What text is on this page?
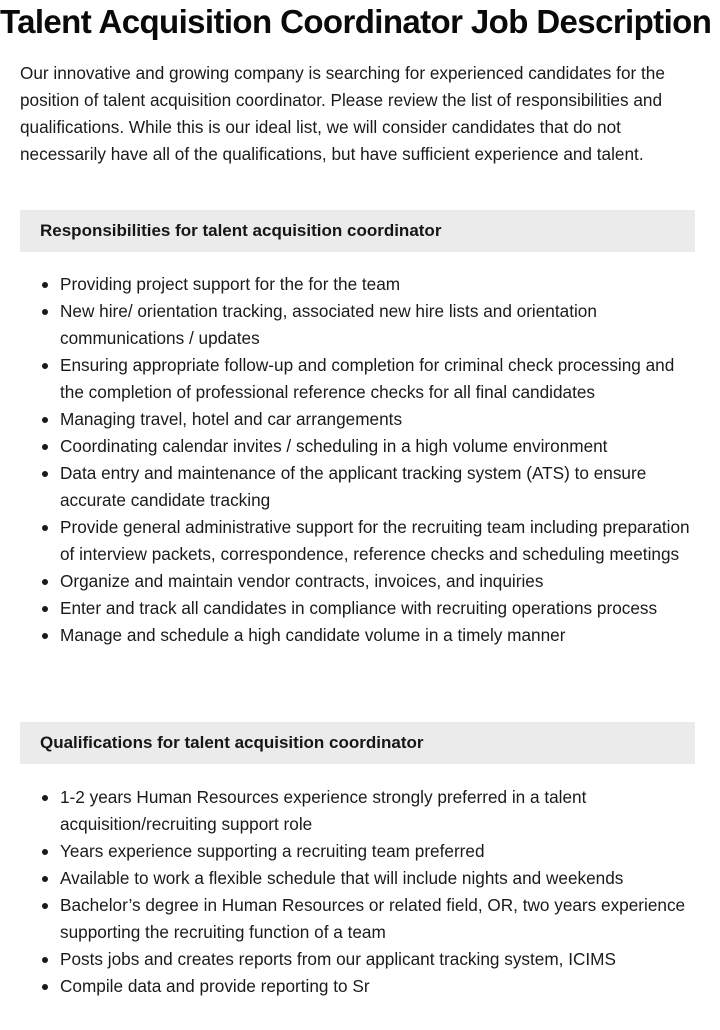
Talent Acquisition Coordinator Job Description

Our innovative and growing company is searching for experienced candidates for the position of talent acquisition coordinator. Please review the list of responsibilities and qualifications. While this is our ideal list, we will consider candidates that do not necessarily have all of the qualifications, but have sufficient experience and talent.

Responsibilities for talent acquisition coordinator
Providing project support for the for the team
New hire/ orientation tracking, associated new hire lists and orientation communications / updates
Ensuring appropriate follow-up and completion for criminal check processing and the completion of professional reference checks for all final candidates
Managing travel, hotel and car arrangements
Coordinating calendar invites / scheduling in a high volume environment
Data entry and maintenance of the applicant tracking system (ATS) to ensure accurate candidate tracking
Provide general administrative support for the recruiting team including preparation of interview packets, correspondence, reference checks and scheduling meetings
Organize and maintain vendor contracts, invoices, and inquiries
Enter and track all candidates in compliance with recruiting operations process
Manage and schedule a high candidate volume in a timely manner
Qualifications for talent acquisition coordinator
1-2 years Human Resources experience strongly preferred in a talent acquisition/recruiting support role
Years experience supporting a recruiting team preferred
Available to work a flexible schedule that will include nights and weekends
Bachelor’s degree in Human Resources or related field, OR, two years experience supporting the recruiting function of a team
Posts jobs and creates reports from our applicant tracking system, ICIMS
Compile data and provide reporting to Sr
